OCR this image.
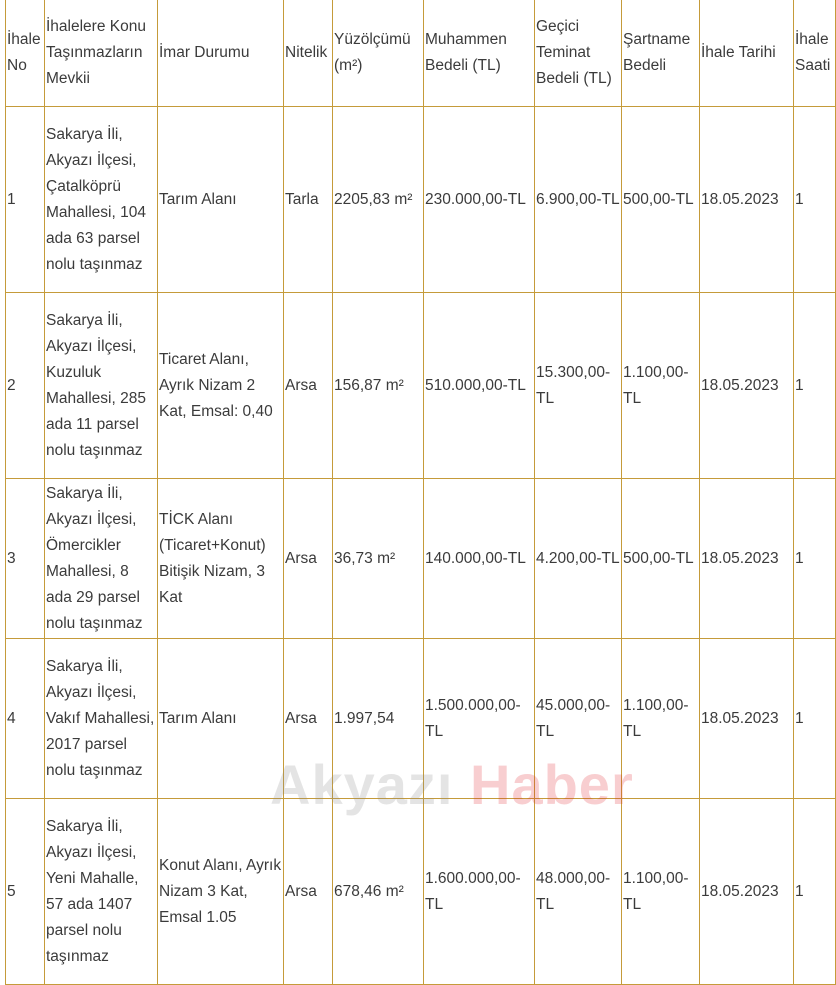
İhale No	İhalelere Konu Taşınmazların Mevkii	İmar Durumu	Nitelik	Yüzölçümü (m²)	Muhammen Bedeli (TL)	Geçici Teminat Bedeli (TL)	Şartname Bedeli	İhale Tarihi	İhale Saati
1	Sakarya İli, Akyazı İlçesi, Çatalköprü Mahallesi, 104 ada 63 parsel nolu taşınmaz	Tarım Alanı	Tarla	2205,83 m²	230.000,00-TL	6.900,00-TL	500,00-TL	18.05.2023	1
2	Sakarya İli, Akyazı İlçesi, Kuzuluk Mahallesi, 285 ada 11 parsel nolu taşınmaz	Ticaret Alanı, Ayrık Nizam 2 Kat, Emsal: 0,40	Arsa	156,87 m²	510.000,00-TL	15.300,00-TL	1.100,00-TL	18.05.2023	1
3	Sakarya İli, Akyazı İlçesi, Ömercikler Mahallesi, 8 ada 29 parsel nolu taşınmaz	TİCK Alanı (Ticaret+Konut) Bitişik Nizam, 3 Kat	Arsa	36,73 m²	140.000,00-TL	4.200,00-TL	500,00-TL	18.05.2023	1
4	Sakarya İli, Akyazı İlçesi, Vakıf Mahallesi, 2017 parsel nolu taşınmaz	Tarım Alanı	Arsa	1.997,54	1.500.000,00-TL	45.000,00-TL	1.100,00-TL	18.05.2023	1
5	Sakarya İli, Akyazı İlçesi, Yeni Mahalle, 57 ada 1407 parsel nolu taşınmaz	Konut Alanı, Ayrık Nizam 3 Kat, Emsal 1.05	Arsa	678,46 m²	1.600.000,00-TL	48.000,00-TL	1.100,00-TL	18.05.2023	1
Akyazı Haber
